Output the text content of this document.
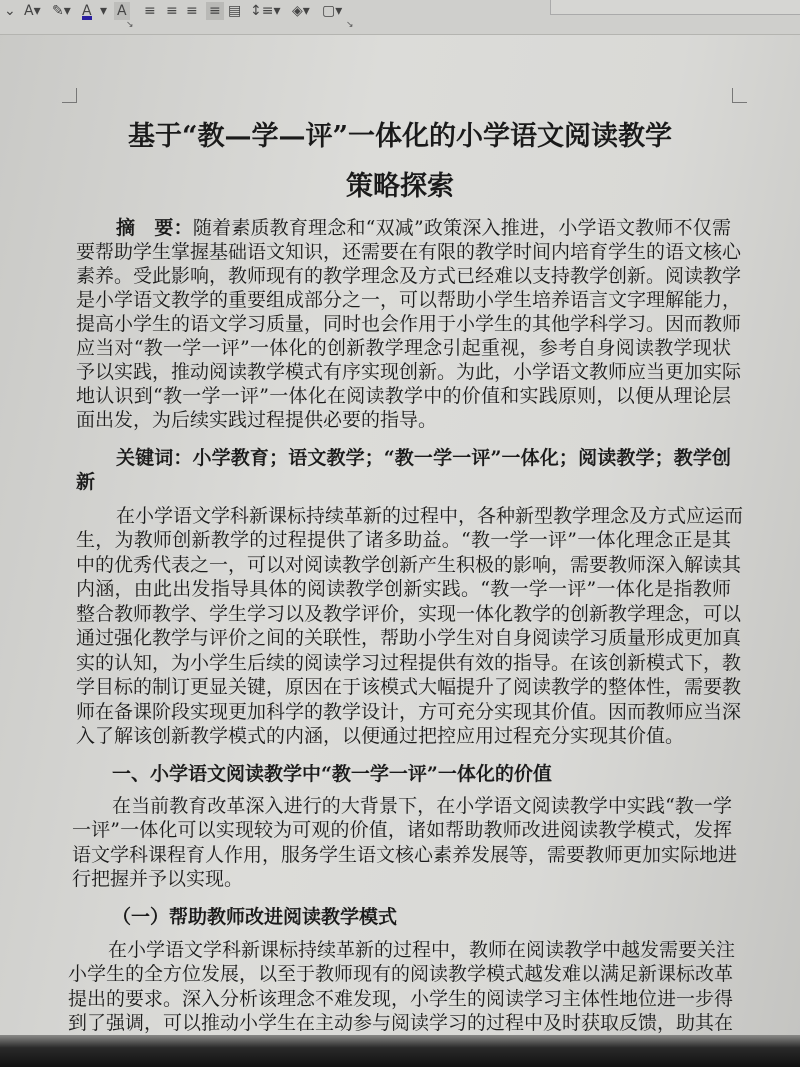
⌄ A▾ ✎▾ A ▾ A
↘
≡ ≡ ≡ ≡ ▤ ↕≡▾ ◈▾ ▢▾
↘
基于“教—学—评”一体化的小学语文阅读教学
策略探索
摘　要：随着素质教育理念和“双减”政策深入推进，小学语文教师不仅需
要帮助学生掌握基础语文知识，还需要在有限的教学时间内培育学生的语文核心
素养。受此影响，教师现有的教学理念及方式已经难以支持教学创新。阅读教学
是小学语文教学的重要组成部分之一，可以帮助小学生培养语言文字理解能力，
提高小学生的语文学习质量，同时也会作用于小学生的其他学科学习。因而教师
应当对“教一学一评”一体化的创新教学理念引起重视，参考自身阅读教学现状
予以实践，推动阅读教学模式有序实现创新。为此，小学语文教师应当更加实际
地认识到“教一学一评”一体化在阅读教学中的价值和实践原则，以便从理论层
面出发，为后续实践过程提供必要的指导。
关键词：小学教育；语文教学；“教一学一评”一体化；阅读教学；教学创
新
在小学语文学科新课标持续革新的过程中，各种新型教学理念及方式应运而
生，为教师创新教学的过程提供了诸多助益。“教一学一评”一体化理念正是其
中的优秀代表之一，可以对阅读教学创新产生积极的影响，需要教师深入解读其
内涵，由此出发指导具体的阅读教学创新实践。“教一学一评”一体化是指教师
整合教师教学、学生学习以及教学评价，实现一体化教学的创新教学理念，可以
通过强化教学与评价之间的关联性，帮助小学生对自身阅读学习质量形成更加真
实的认知，为小学生后续的阅读学习过程提供有效的指导。在该创新模式下，教
学目标的制订更显关键，原因在于该模式大幅提升了阅读教学的整体性，需要教
师在备课阶段实现更加科学的教学设计，方可充分实现其价值。因而教师应当深
入了解该创新教学模式的内涵，以便通过把控应用过程充分实现其价值。
一、小学语文阅读教学中“教一学一评”一体化的价值
在当前教育改革深入进行的大背景下，在小学语文阅读教学中实践“教一学
一评”一体化可以实现较为可观的价值，诸如帮助教师改进阅读教学模式，发挥
语文学科课程育人作用，服务学生语文核心素养发展等，需要教师更加实际地进
行把握并予以实现。
（一）帮助教师改进阅读教学模式
在小学语文学科新课标持续革新的过程中，教师在阅读教学中越发需要关注
小学生的全方位发展，以至于教师现有的阅读教学模式越发难以满足新课标改革
提出的要求。深入分析该理念不难发现，小学生的阅读学习主体性地位进一步得
到了强调，可以推动小学生在主动参与阅读学习的过程中及时获取反馈，助其在
